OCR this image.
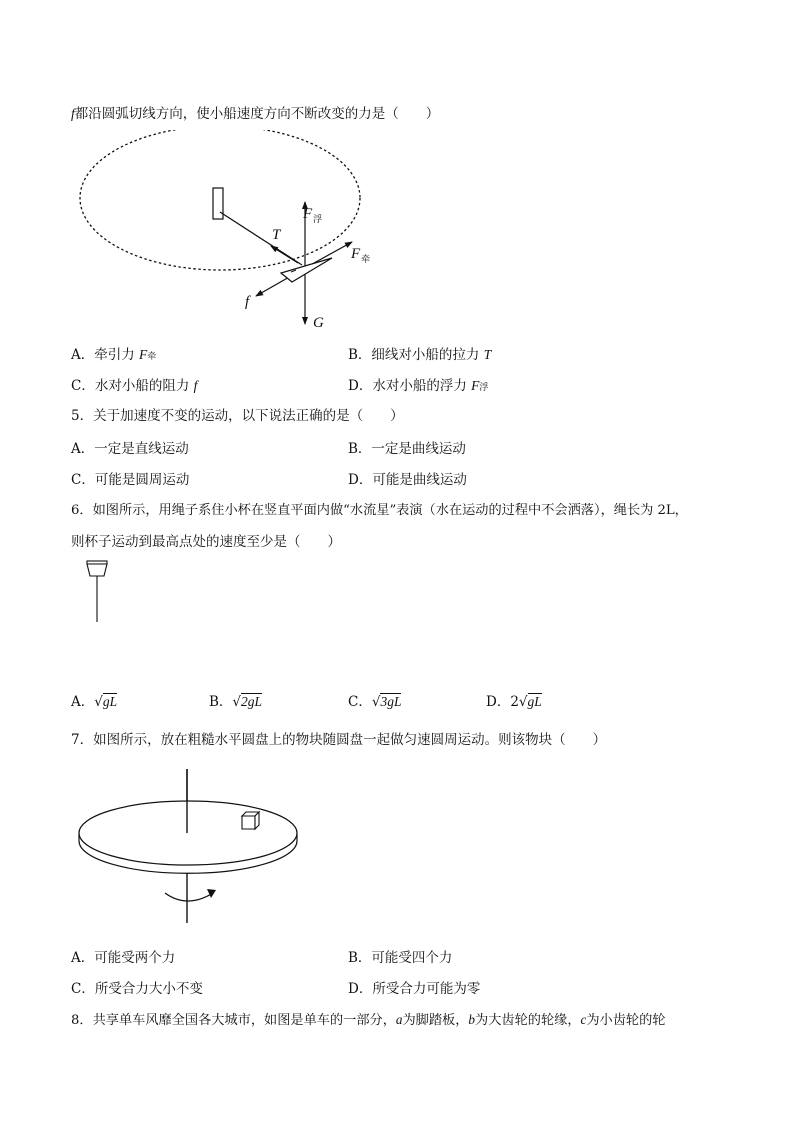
f都沿圆弧切线方向，使小船速度方向不断改变的力是（　　）
$F_浮$
T
$F_牵$
f
G
A．牵引力 F牵	B．细线对小船的拉力 T
C．水对小船的阻力 f	D．水对小船的浮力 F浮
5．关于加速度不变的运动，以下说法正确的是（　　）
A．一定是直线运动	B．一定是曲线运动
C．可能是圆周运动	D．可能是曲线运动
6．如图所示，用绳子系住小杯在竖直平面内做“水流星”表演（水在运动的过程中不会洒落），绳长为 2L，
则杯子运动到最高点处的速度至少是（　　）
A．√gL	B．√2gL	C．√3gL	D．2√gL
7．如图所示，放在粗糙水平圆盘上的物块随圆盘一起做匀速圆周运动。则该物块（　　）
A．可能受两个力	B．可能受四个力
C．所受合力大小不变	D．所受合力可能为零
8．共享单车风靡全国各大城市，如图是单车的一部分，a为脚踏板，b为大齿轮的轮缘，c为小齿轮的轮
